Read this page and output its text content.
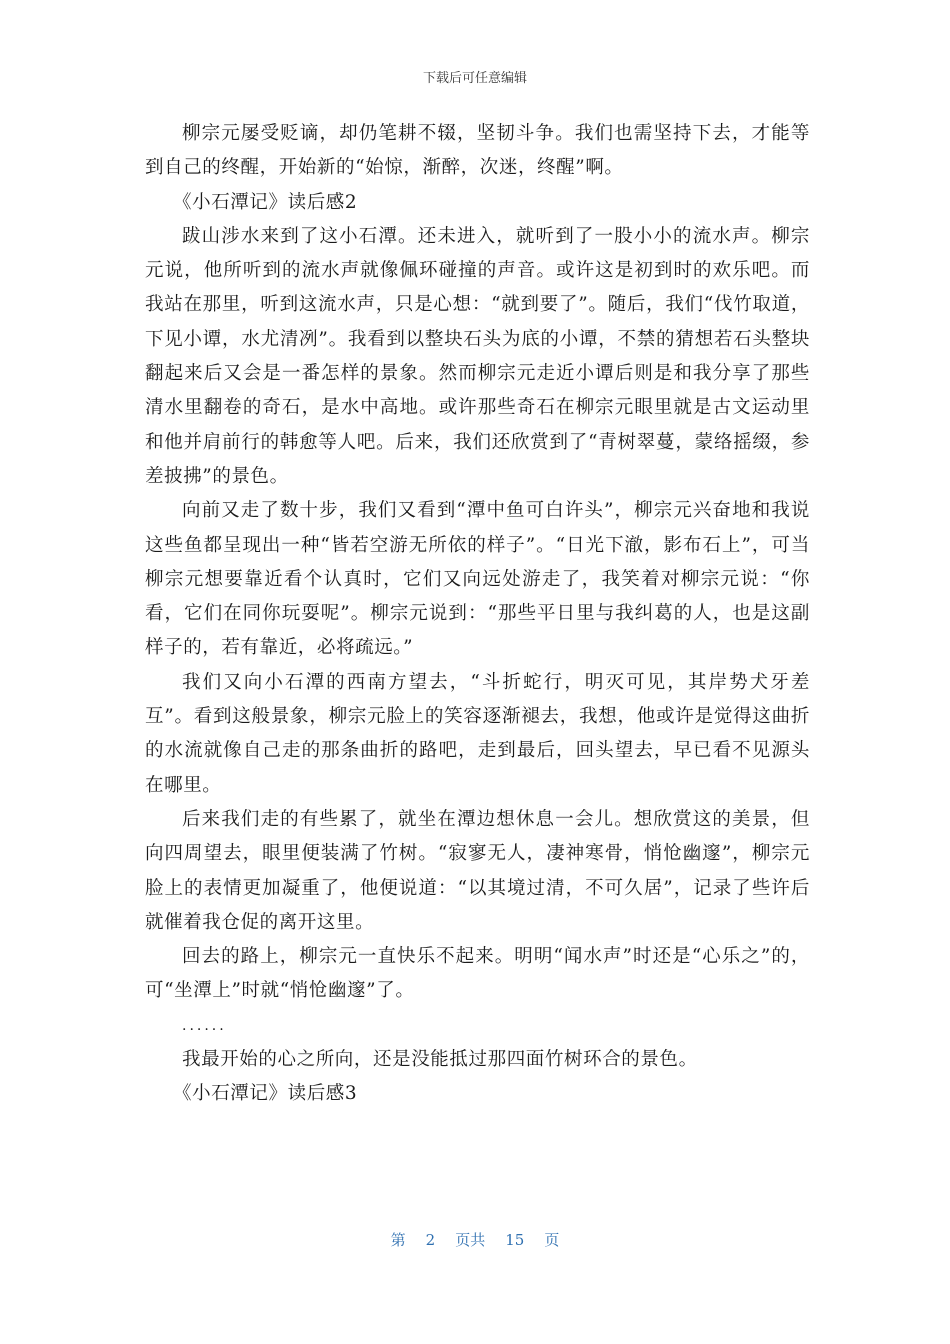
下载后可任意编辑

柳宗元屡受贬谪，却仍笔耕不辍，坚韧斗争。我们也需坚持下去，才能等到自己的终醒，开始新的“始惊，渐醉，次迷，终醒”啊。

《小石潭记》读后感2

跋山涉水来到了这小石潭。还未进入，就听到了一股小小的流水声。柳宗元说，他所听到的流水声就像佩环碰撞的声音。或许这是初到时的欢乐吧。而我站在那里，听到这流水声，只是心想：“就到要了”。随后，我们“伐竹取道，下见小谭，水尤清冽”。我看到以整块石头为底的小谭，不禁的猜想若石头整块翻起来后又会是一番怎样的景象。然而柳宗元走近小谭后则是和我分享了那些清水里翻卷的奇石，是水中高地。或许那些奇石在柳宗元眼里就是古文运动里和他并肩前行的韩愈等人吧。后来，我们还欣赏到了“青树翠蔓，蒙络摇缀，参差披拂”的景色。

向前又走了数十步，我们又看到“潭中鱼可白许头”，柳宗元兴奋地和我说这些鱼都呈现出一种“皆若空游无所依的样子”。“日光下澈，影布石上”，可当柳宗元想要靠近看个认真时，它们又向远处游走了，我笑着对柳宗元说：“你看，它们在同你玩耍呢”。柳宗元说到：“那些平日里与我纠葛的人，也是这副样子的，若有靠近，必将疏远。”

我们又向小石潭的西南方望去，“斗折蛇行，明灭可见，其岸势犬牙差互”。看到这般景象，柳宗元脸上的笑容逐渐褪去，我想，他或许是觉得这曲折的水流就像自己走的那条曲折的路吧，走到最后，回头望去，早已看不见源头在哪里。

后来我们走的有些累了，就坐在潭边想休息一会儿。想欣赏这的美景，但向四周望去，眼里便装满了竹树。“寂寥无人，凄神寒骨，悄怆幽邃”，柳宗元脸上的表情更加凝重了，他便说道：“以其境过清，不可久居”，记录了些许后就催着我仓促的离开这里。

回去的路上，柳宗元一直快乐不起来。明明“闻水声”时还是“心乐之”的，可“坐潭上”时就“悄怆幽邃”了。

......

我最开始的心之所向，还是没能抵过那四面竹树环合的景色。

《小石潭记》读后感3

第 2 页共 15 页
